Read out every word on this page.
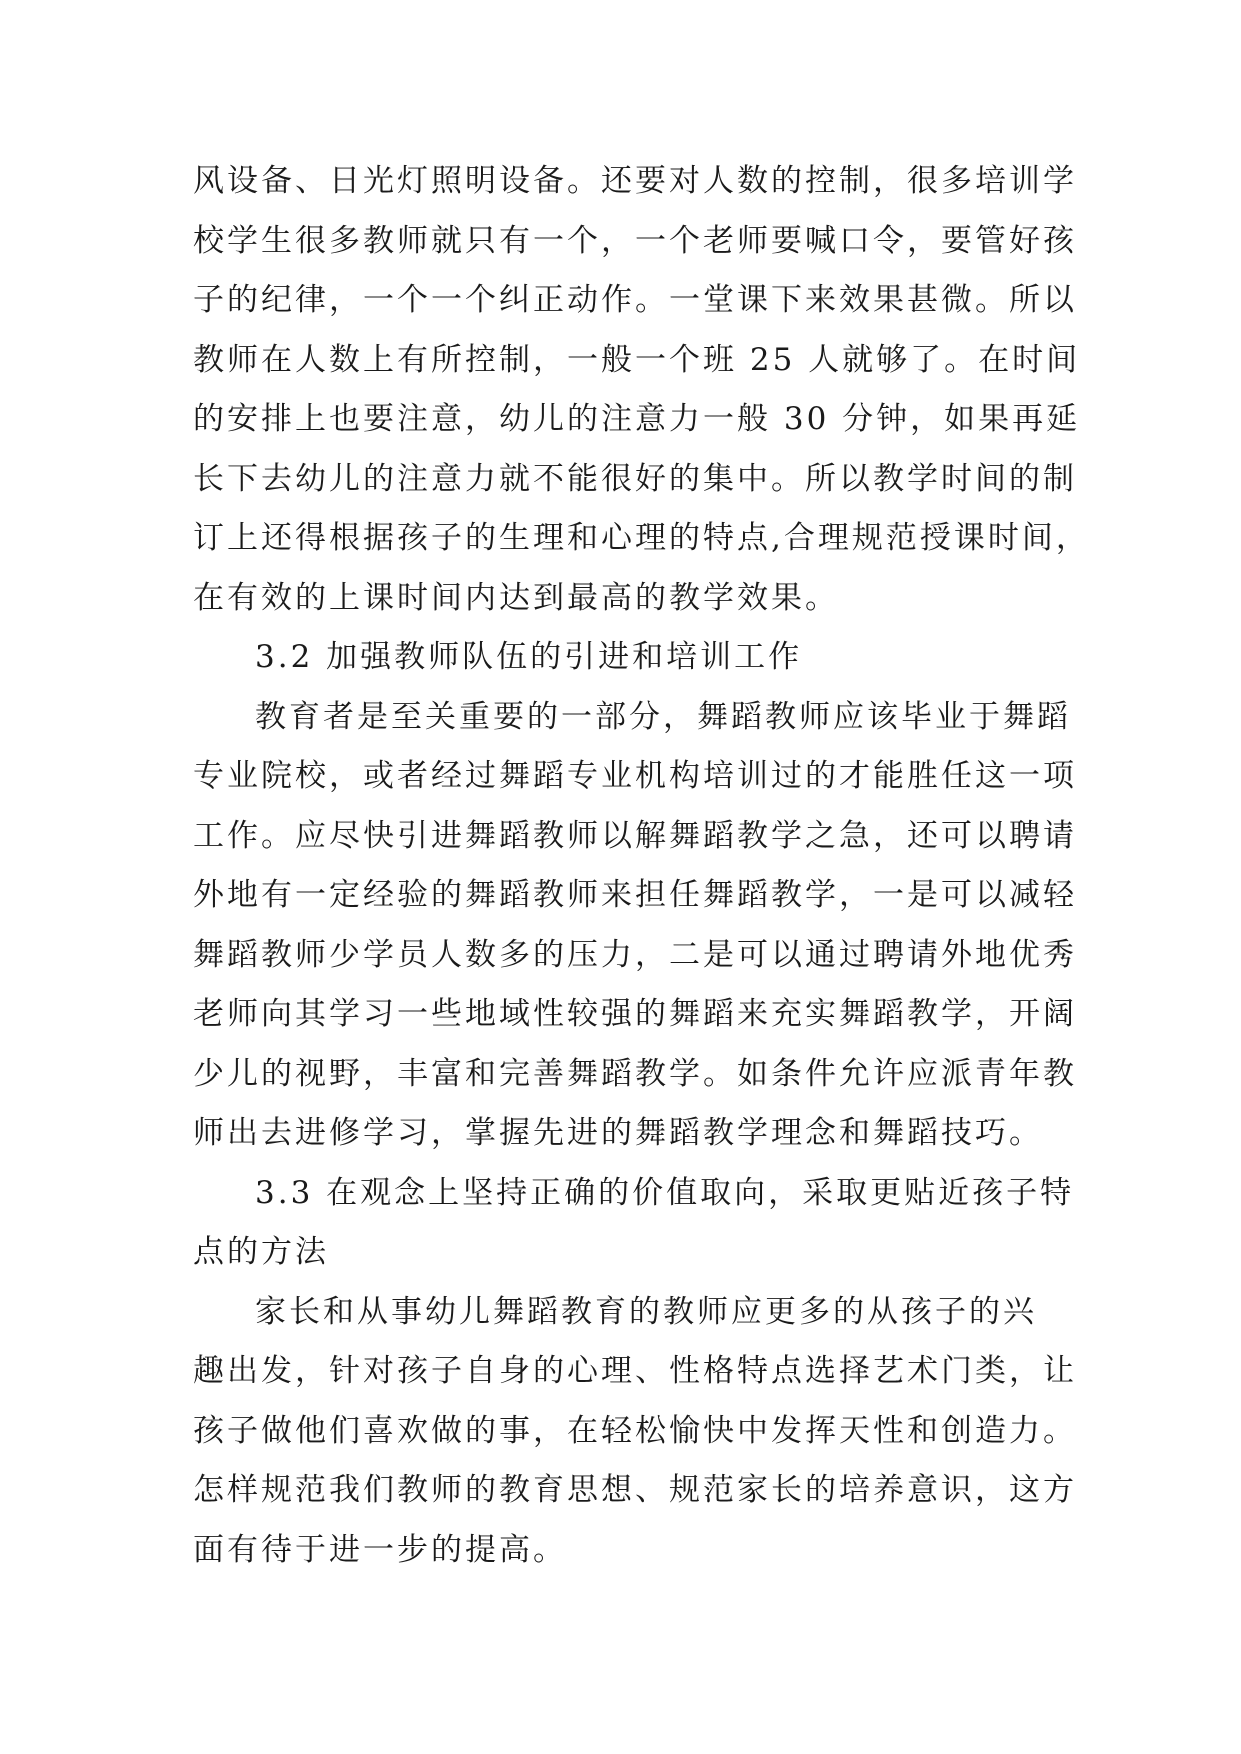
风设备、日光灯照明设备。还要对人数的控制，很多培训学
校学生很多教师就只有一个，一个老师要喊口令，要管好孩
子的纪律，一个一个纠正动作。一堂课下来效果甚微。所以
教师在人数上有所控制，一般一个班 25 人就够了。在时间
的安排上也要注意，幼儿的注意力一般 30 分钟，如果再延
长下去幼儿的注意力就不能很好的集中。所以教学时间的制
订上还得根据孩子的生理和心理的特点,合理规范授课时间，
在有效的上课时间内达到最高的教学效果。
3.2 加强教师队伍的引进和培训工作
教育者是至关重要的一部分，舞蹈教师应该毕业于舞蹈
专业院校，或者经过舞蹈专业机构培训过的才能胜任这一项
工作。应尽快引进舞蹈教师以解舞蹈教学之急，还可以聘请
外地有一定经验的舞蹈教师来担任舞蹈教学，一是可以减轻
舞蹈教师少学员人数多的压力，二是可以通过聘请外地优秀
老师向其学习一些地域性较强的舞蹈来充实舞蹈教学，开阔
少儿的视野，丰富和完善舞蹈教学。如条件允许应派青年教
师出去进修学习，掌握先进的舞蹈教学理念和舞蹈技巧。
3.3 在观念上坚持正确的价值取向，采取更贴近孩子特
点的方法
家长和从事幼儿舞蹈教育的教师应更多的从孩子的兴
趣出发，针对孩子自身的心理、性格特点选择艺术门类，让
孩子做他们喜欢做的事，在轻松愉快中发挥天性和创造力。
怎样规范我们教师的教育思想、规范家长的培养意识，这方
面有待于进一步的提高。
